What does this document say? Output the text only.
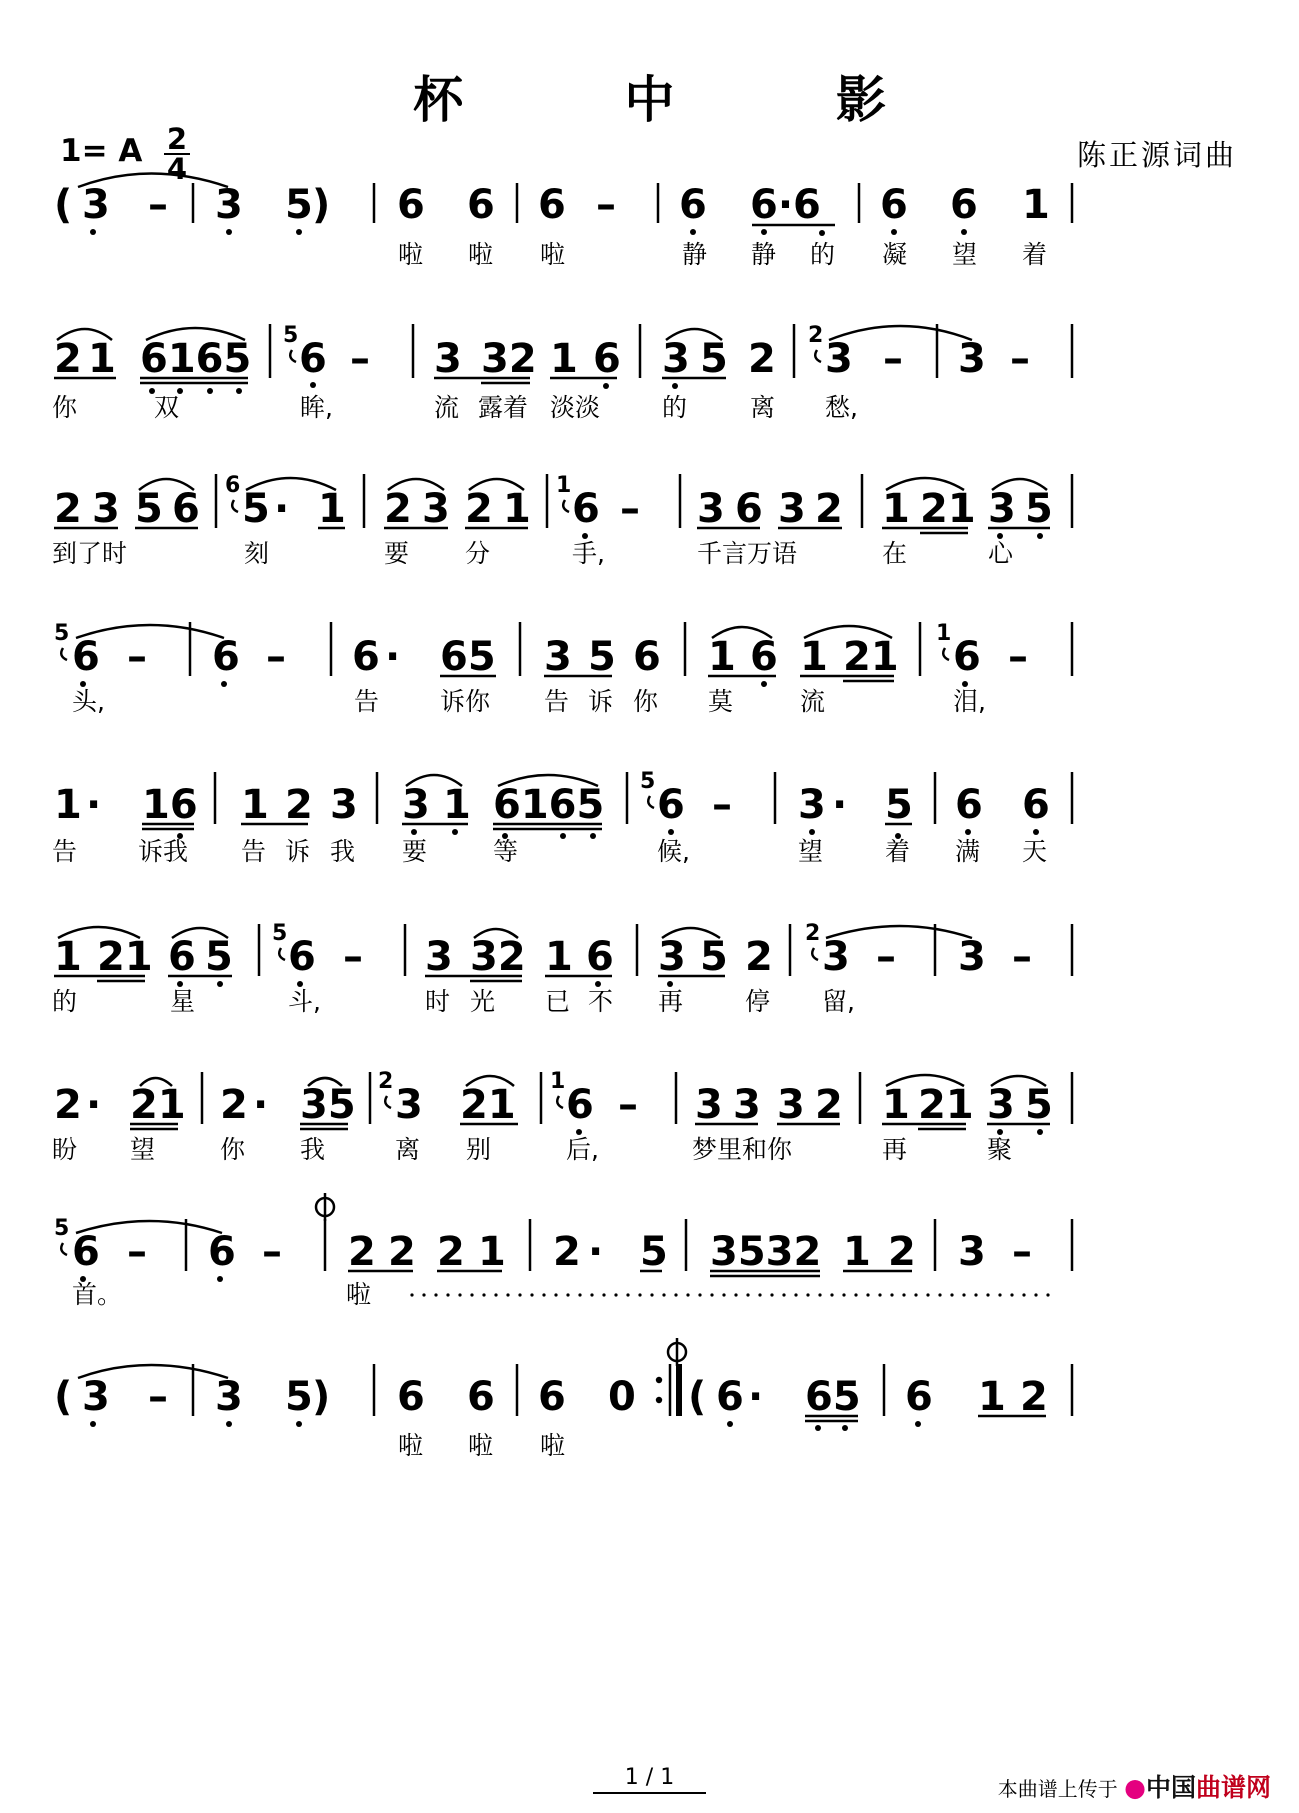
杯 中 影
1= A 2
4	陈正源词曲
( 3 – 3 5 ) 6 6 6 – 6 6·6 6 6 1
啦 啦 啦	静 静 的 凝 望 着
2 1 6165 6 – 3 32 1 6 3 5 2 3 – 3 –
5	2
你	双	眸,	流 露着 淡淡 的	离 愁,
2 3 5 6 5 · 1 2 3 2 1 6 – 3 6 3 2 1 21 3 5
6	1
到了时	刻	要 分	手,	千言万语	在	心
6 – 6 – 6 · 65 3 5 6 1 6 1 21 6 –
5	1
头,	告 诉你 告 诉 你 莫	流	泪,
1 · 16 1 2 3 3 1 6165 6 – 3 · 5 6 6
5
告 诉我 告 诉 我 要	等	候,	望 着 满 天
1 21 6 5 6 – 3 32 1 6 3 5 2 3 – 3 –
5	2
的	星	斗,	时 光 已 不 再 停 留,
2 · 21 2 · 35 3 21 6 – 3 3 3 2 1 21 3 5
2	1
盼 望	你 我	离 别	后,	梦里和你	再	聚
6 – 6 – 2 2 2 1 2 · 5 3532 1 2 3 –
5
首。	啦
( 3 – 3 5 ) 6 6 6 0 ( 6 · 65 6 1 2
啦 啦 啦
1 / 1	本曲谱上传于 ●中国曲谱网
